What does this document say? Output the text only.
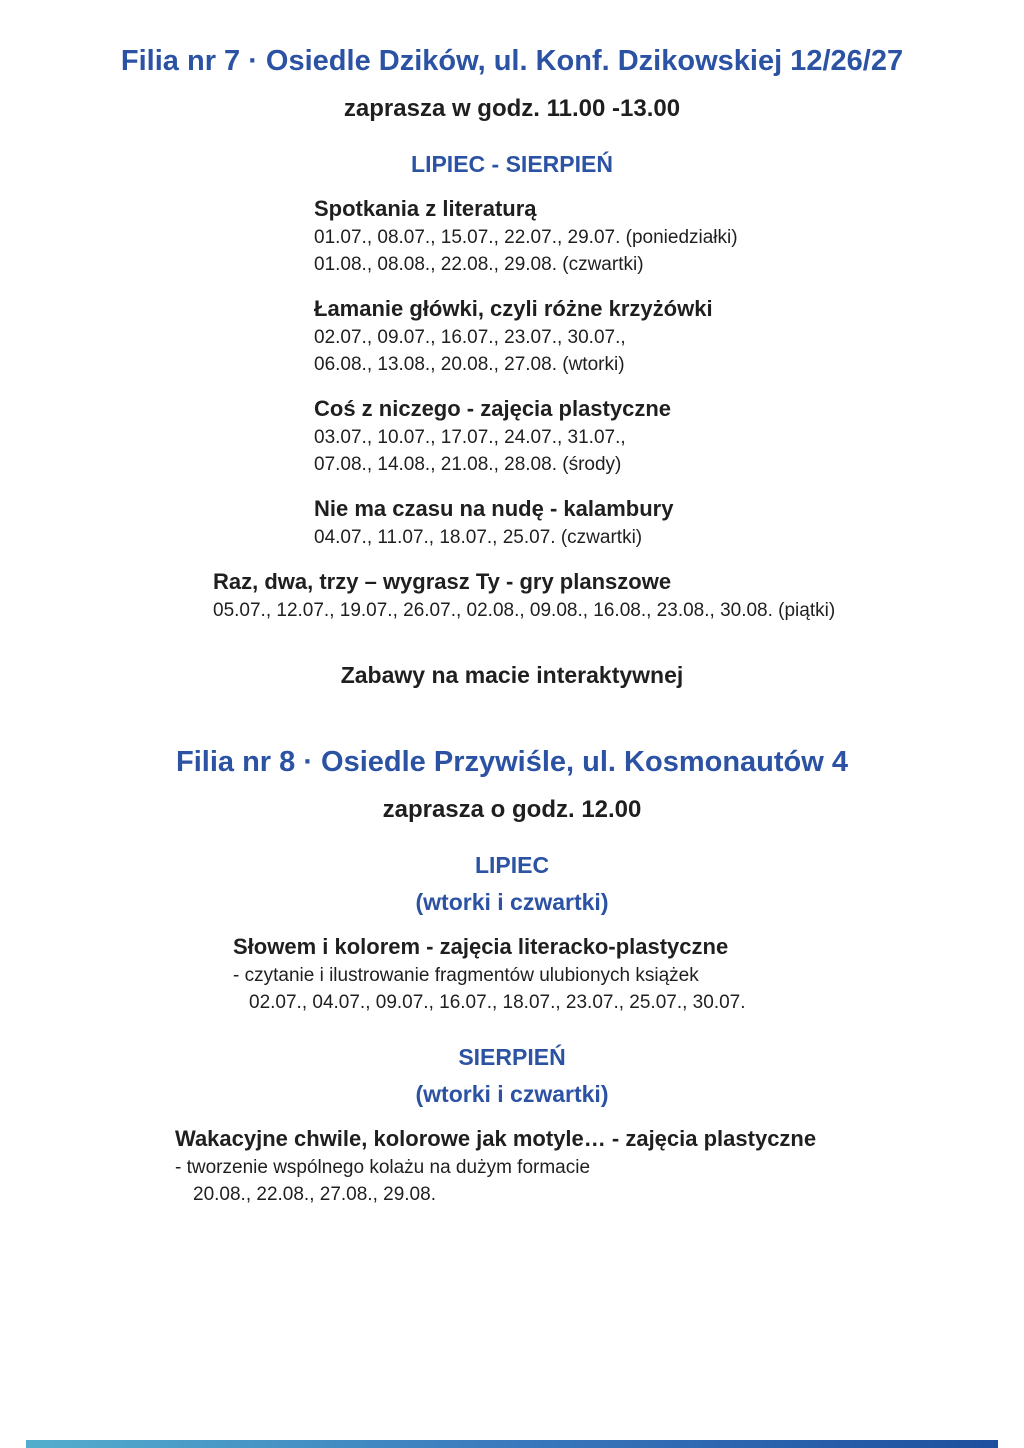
Filia nr 7 · Osiedle Dzików, ul. Konf. Dzikowskiej 12/26/27
zaprasza w godz. 11.00 -13.00
LIPIEC - SIERPIEŃ
Spotkania z literaturą
01.07., 08.07., 15.07., 22.07., 29.07. (poniedziałki)
01.08., 08.08., 22.08., 29.08. (czwartki)
Łamanie główki, czyli różne krzyżówki
02.07., 09.07., 16.07., 23.07., 30.07.,
06.08., 13.08., 20.08., 27.08. (wtorki)
Coś z niczego - zajęcia plastyczne
03.07., 10.07., 17.07., 24.07., 31.07.,
07.08., 14.08., 21.08., 28.08. (środy)
Nie ma czasu na nudę - kalambury
04.07., 11.07., 18.07., 25.07. (czwartki)
Raz, dwa, trzy – wygrasz Ty - gry planszowe
05.07., 12.07., 19.07., 26.07., 02.08., 09.08., 16.08., 23.08., 30.08. (piątki)
Zabawy na macie interaktywnej
Filia nr 8 · Osiedle Przywiśle, ul. Kosmonautów 4
zaprasza o godz. 12.00
LIPIEC
(wtorki i czwartki)
Słowem i kolorem - zajęcia literacko-plastyczne
- czytanie i ilustrowanie fragmentów ulubionych książek
02.07., 04.07., 09.07., 16.07., 18.07., 23.07., 25.07., 30.07.
SIERPIEŃ
(wtorki i czwartki)
Wakacyjne chwile, kolorowe jak motyle… - zajęcia plastyczne
- tworzenie wspólnego kolażu na dużym formacie
20.08., 22.08., 27.08., 29.08.
